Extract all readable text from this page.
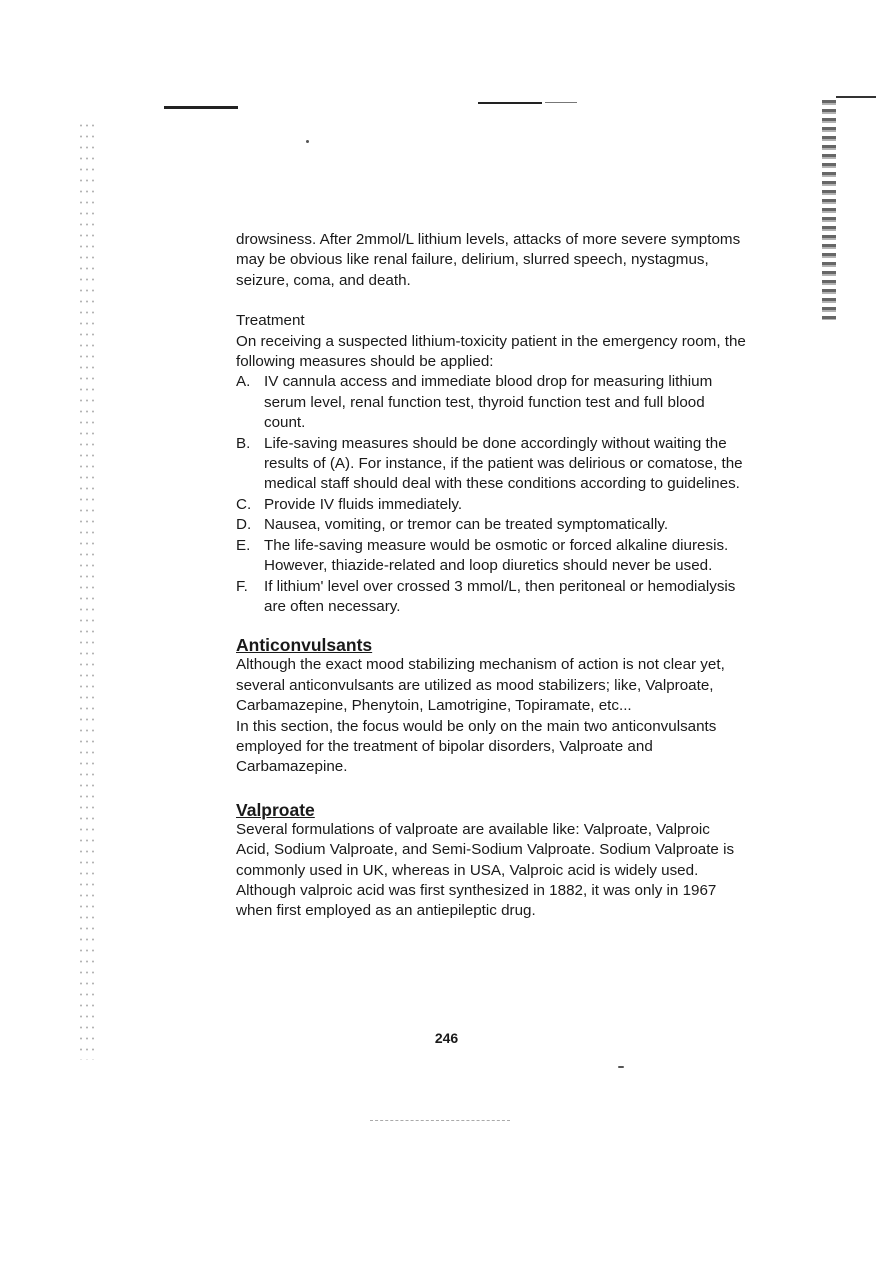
drowsiness. After 2mmol/L lithium levels, attacks of more severe symptoms may be obvious like renal failure, delirium, slurred speech, nystagmus, seizure, coma, and death.

Treatment

On receiving a suspected lithium-toxicity patient in the emergency room, the following measures should be applied:

A. IV cannula access and immediate blood drop for measuring lithium serum level, renal function test, thyroid function test and full blood count.
B. Life-saving measures should be done accordingly without waiting the results of (A). For instance, if the patient was delirious or comatose, the medical staff should deal with these conditions according to guidelines.
C. Provide IV fluids immediately.
D. Nausea, vomiting, or tremor can be treated symptomatically.
E. The life-saving measure would be osmotic or forced alkaline diuresis. However, thiazide-related and loop diuretics should never be used.
F.	If lithium' level over crossed 3 mmol/L, then peritoneal or hemodialysis are often necessary.
Anticonvulsants

Although the exact mood stabilizing mechanism of action is not clear yet, several anticonvulsants are utilized as mood stabilizers; like, Valproate, Carbamazepine, Phenytoin, Lamotrigine, Topiramate, etc...

In this section, the focus would be only on the main two anticonvulsants employed for the treatment of bipolar disorders, Valproate and Carbamazepine.

Valproate

Several formulations of valproate are available like: Valproate, Valproic Acid, Sodium Valproate, and Semi-Sodium Valproate. Sodium Valproate is commonly used in UK, whereas in USA, Valproic acid is widely used.

Although valproic acid was first synthesized in 1882, it was only in 1967 when first employed as an antiepileptic drug.

246
